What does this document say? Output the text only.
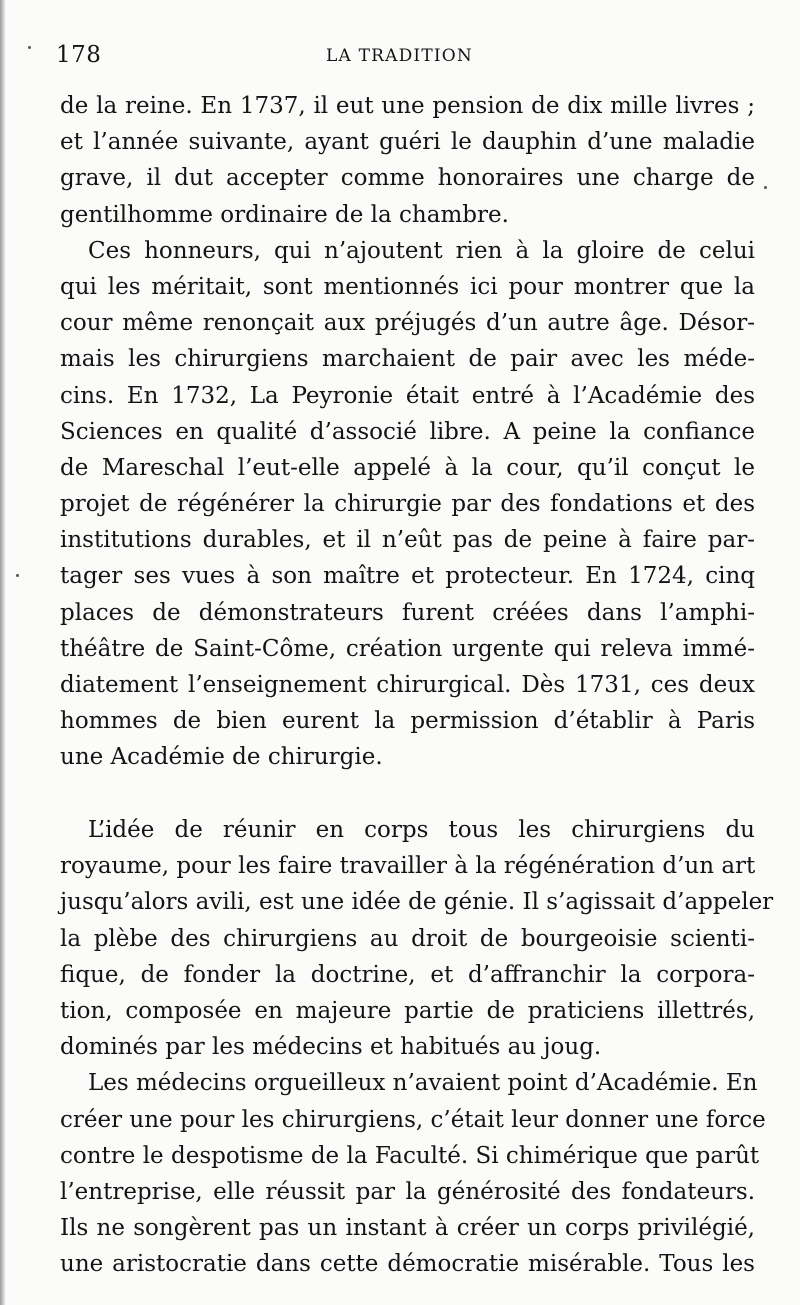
178	LA TRADITION
de la reine. En 1737, il eut une pension de dix mille livres ;
et l’année suivante, ayant guéri le dauphin d’une maladie
grave, il dut accepter comme honoraires une charge de
gentilhomme ordinaire de la chambre.
Ces honneurs, qui n’ajoutent rien à la gloire de celui
qui les méritait, sont mentionnés ici pour montrer que la
cour même renonçait aux préjugés d’un autre âge. Désor-
mais les chirurgiens marchaient de pair avec les méde-
cins. En 1732, La Peyronie était entré à l’Académie des
Sciences en qualité d’associé libre. A peine la confiance
de Mareschal l’eut-elle appelé à la cour, qu’il conçut le
projet de régénérer la chirurgie par des fondations et des
institutions durables, et il n’eût pas de peine à faire par-
tager ses vues à son maître et protecteur. En 1724, cinq
places de démonstrateurs furent créées dans l’amphi-
théâtre de Saint-Côme, création urgente qui releva immé-
diatement l’enseignement chirurgical. Dès 1731, ces deux
hommes de bien eurent la permission d’établir à Paris
une Académie de chirurgie.
L’idée de réunir en corps tous les chirurgiens du
royaume, pour les faire travailler à la régénération d’un art
jusqu’alors avili, est une idée de génie. Il s’agissait d’appeler
la plèbe des chirurgiens au droit de bourgeoisie scienti-
fique, de fonder la doctrine, et d’affranchir la corpora-
tion, composée en majeure partie de praticiens illettrés,
dominés par les médecins et habitués au joug.
Les médecins orgueilleux n’avaient point d’Académie. En
créer une pour les chirurgiens, c’était leur donner une force
contre le despotisme de la Faculté. Si chimérique que parût
l’entreprise, elle réussit par la générosité des fondateurs.
Ils ne songèrent pas un instant à créer un corps privilégié,
une aristocratie dans cette démocratie misérable. Tous les
